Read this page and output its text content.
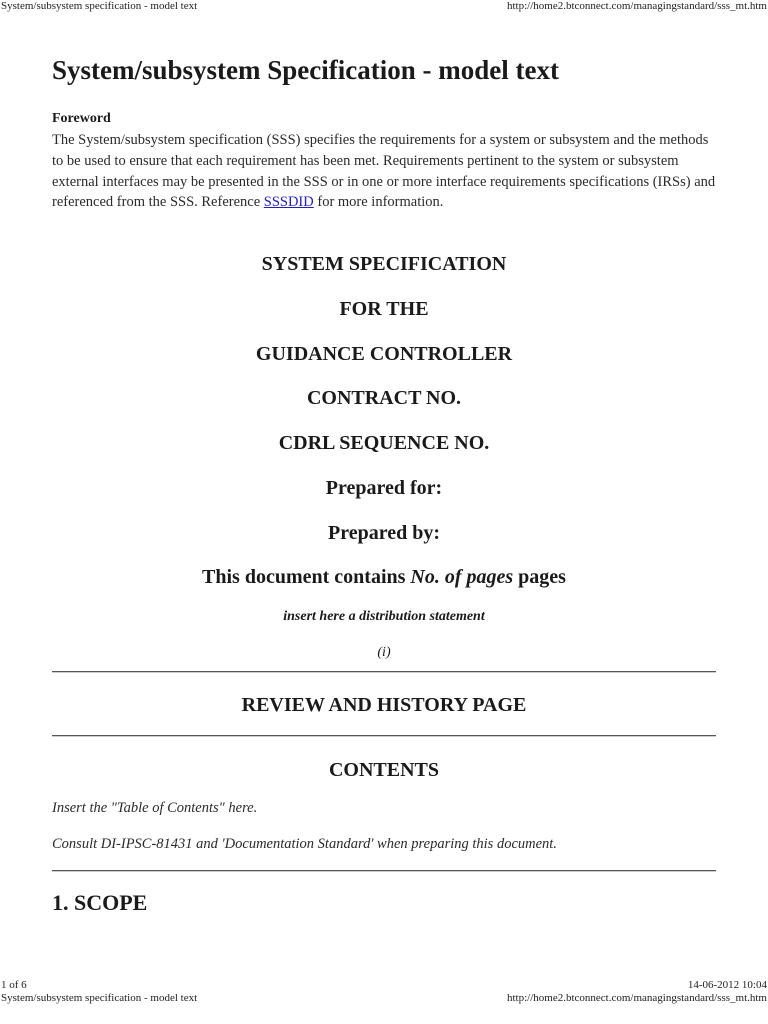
System/subsystem specification - model text	http://home2.btconnect.com/managingstandard/sss_mt.htm
System/subsystem Specification - model text
Foreword

The System/subsystem specification (SSS) specifies the requirements for a system or subsystem and the methods to be used to ensure that each requirement has been met. Requirements pertinent to the system or subsystem external interfaces may be presented in the SSS or in one or more interface requirements specifications (IRSs) and referenced from the SSS. Reference SSSDID for more information.

SYSTEM SPECIFICATION
FOR THE
GUIDANCE CONTROLLER
CONTRACT NO.
CDRL SEQUENCE NO.
Prepared for:
Prepared by:
This document contains No. of pages pages
insert here a distribution statement
(i)
REVIEW AND HISTORY PAGE
CONTENTS
Insert the "Table of Contents" here.
Consult DI-IPSC-81431 and 'Documentation Standard' when preparing this document.
1. SCOPE
1 of 6	14-06-2012 10:04
System/subsystem specification - model text	http://home2.btconnect.com/managingstandard/sss_mt.htm
